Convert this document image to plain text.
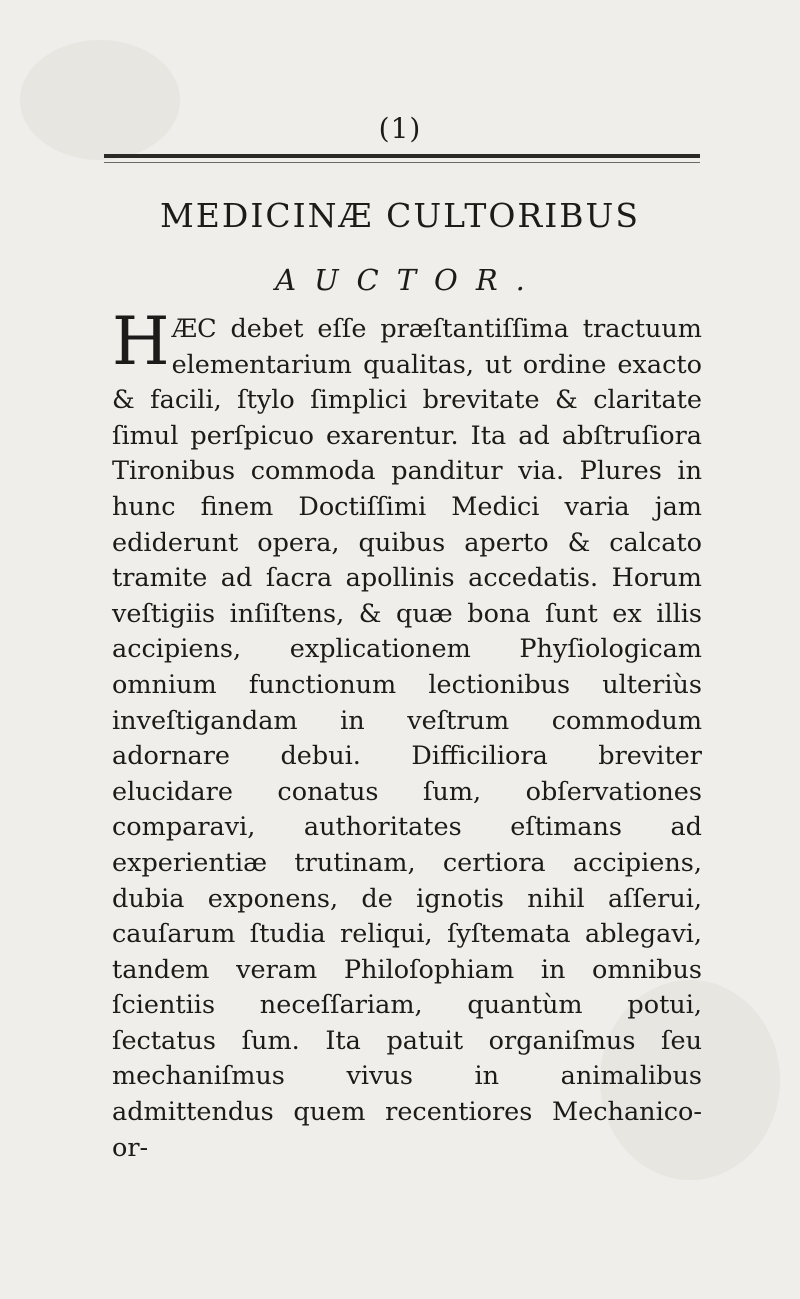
(1)
MEDICINÆ CULTORIBUS
AUCTOR.
HÆC debet eſſe præſtantiſſima tractuum elementarium qualitas, ut ordine exacto & facili, ſtylo ſimplici brevitate & claritate ſimul perſpicuo exarentur. Ita ad abſtruſiora Tironibus commoda panditur via. Plures in hunc finem Doctiſſimi Medici varia jam ediderunt opera, quibus aperto & calcato tramite ad ſacra apollinis accedatis. Horum veſtigiis inſiſtens, & quæ bona ſunt ex illis accipiens, explicationem Phyſiologicam omnium functionum lectionibus ulteriùs inveſtigandam in veſtrum commodum adornare debui. Difficiliora breviter elucidare conatus ſum, obſervationes comparavi, authoritates eſtimans ad experientiæ trutinam, certiora accipiens, dubia exponens, de ignotis nihil aſſerui, cauſarum ſtudia reliqui, ſyſtemata ablegavi, tandem veram Philoſophiam in omnibus ſcientiis neceſſariam, quantùm potui, ſectatus ſum. Ita patuit organiſmus ſeu mechaniſmus vivus in animalibus admittendus quem recentiores Mechanico-or-
